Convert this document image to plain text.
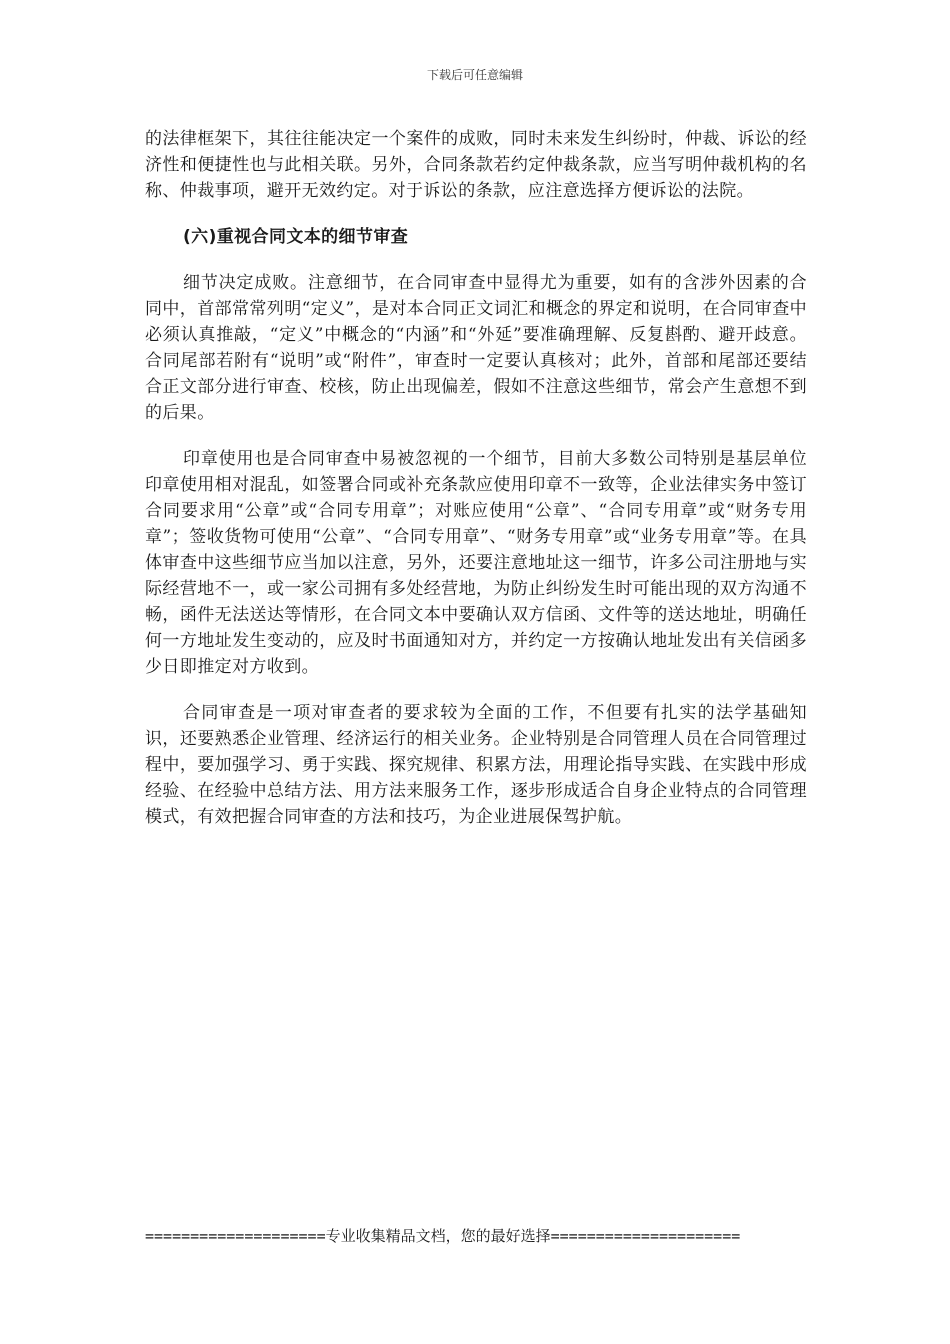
下载后可任意编辑

的法律框架下，其往往能决定一个案件的成败，同时未来发生纠纷时，仲裁、诉讼的经济性和便捷性也与此相关联。另外，合同条款若约定仲裁条款，应当写明仲裁机构的名称、仲裁事项，避开无效约定。对于诉讼的条款，应注意选择方便诉讼的法院。

(六)重视合同文本的细节审查

细节决定成败。注意细节，在合同审查中显得尤为重要，如有的含涉外因素的合同中，首部常常列明“定义”，是对本合同正文词汇和概念的界定和说明，在合同审查中必须认真推敲，“定义”中概念的“内涵”和“外延”要准确理解、反复斟酌、避开歧意。合同尾部若附有“说明”或“附件”，审查时一定要认真核对；此外，首部和尾部还要结合正文部分进行审查、校核，防止出现偏差，假如不注意这些细节，常会产生意想不到的后果。

印章使用也是合同审查中易被忽视的一个细节，目前大多数公司特别是基层单位印章使用相对混乱，如签署合同或补充条款应使用印章不一致等，企业法律实务中签订合同要求用“公章”或“合同专用章”；对账应使用“公章”、“合同专用章”或“财务专用章”；签收货物可使用“公章”、“合同专用章”、“财务专用章”或“业务专用章”等。在具体审查中这些细节应当加以注意，另外，还要注意地址这一细节，许多公司注册地与实际经营地不一，或一家公司拥有多处经营地，为防止纠纷发生时可能出现的双方沟通不畅，函件无法送达等情形，在合同文本中要确认双方信函、文件等的送达地址，明确任何一方地址发生变动的，应及时书面通知对方，并约定一方按确认地址发出有关信函多少日即推定对方收到。

合同审查是一项对审查者的要求较为全面的工作，不但要有扎实的法学基础知识，还要熟悉企业管理、经济运行的相关业务。企业特别是合同管理人员在合同管理过程中，要加强学习、勇于实践、探究规律、积累方法，用理论指导实践、在实践中形成经验、在经验中总结方法、用方法来服务工作，逐步形成适合自身企业特点的合同管理模式，有效把握合同审查的方法和技巧，为企业进展保驾护航。

====================专业收集精品文档，您的最好选择=====================
